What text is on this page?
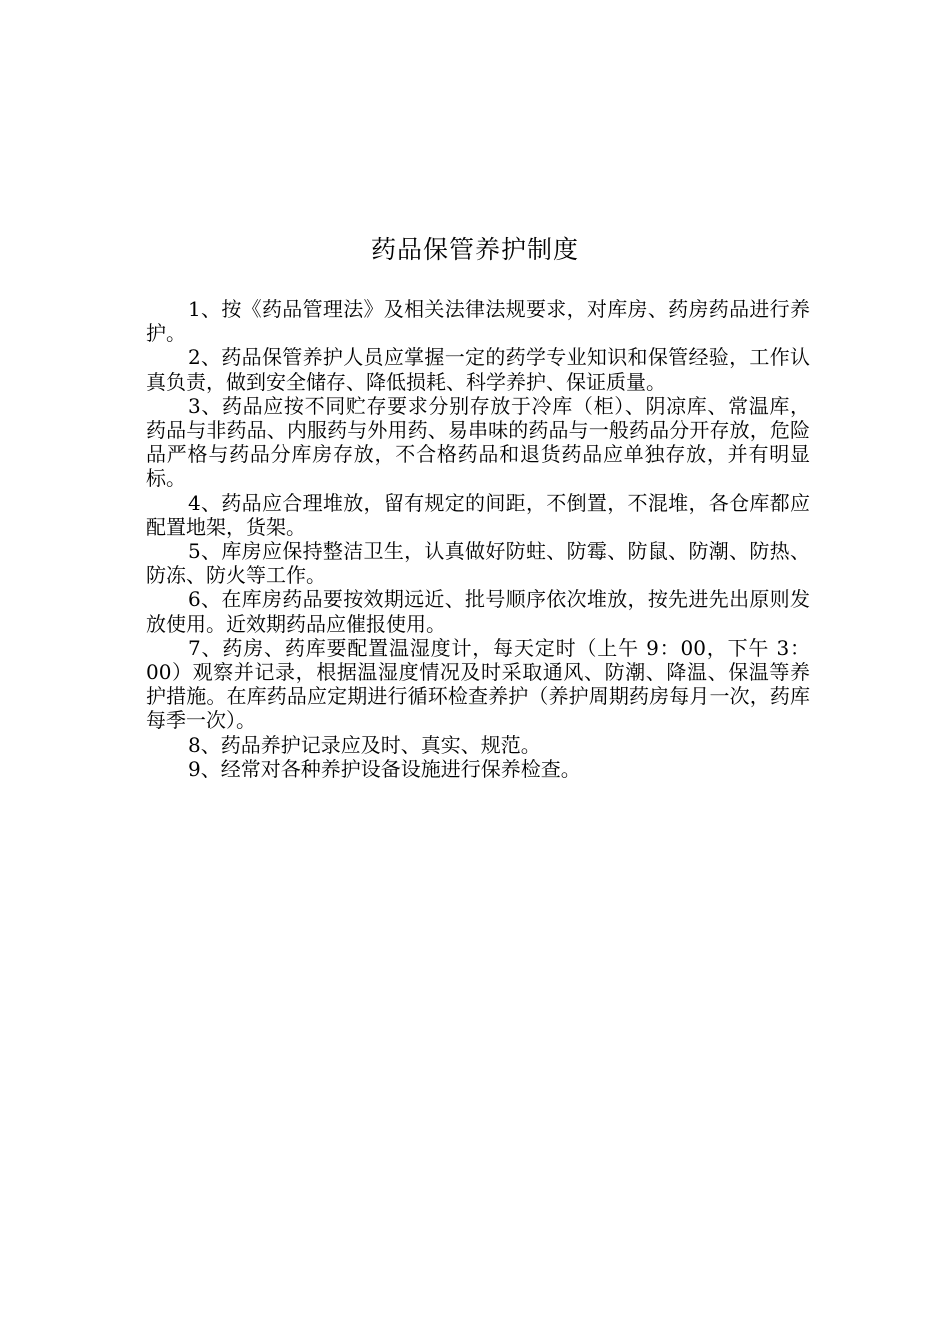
药品保管养护制度

1、按《药品管理法》及相关法律法规要求，对库房、药房药品进行养护。

2、药品保管养护人员应掌握一定的药学专业知识和保管经验，工作认真负责，做到安全储存、降低损耗、科学养护、保证质量。

3、药品应按不同贮存要求分别存放于冷库（柜）、阴凉库、常温库，药品与非药品、内服药与外用药、易串味的药品与一般药品分开存放，危险品严格与药品分库房存放，不合格药品和退货药品应单独存放，并有明显标。

4、药品应合理堆放，留有规定的间距，不倒置，不混堆，各仓库都应配置地架，货架。

5、库房应保持整洁卫生，认真做好防蛀、防霉、防鼠、防潮、防热、防冻、防火等工作。

6、在库房药品要按效期远近、批号顺序依次堆放，按先进先出原则发放使用。近效期药品应催报使用。

7、药房、药库要配置温湿度计，每天定时（上午 9：00，下午 3：00）观察并记录，根据温湿度情况及时采取通风、防潮、降温、保温等养护措施。在库药品应定期进行循环检查养护（养护周期药房每月一次，药库每季一次）。

8、药品养护记录应及时、真实、规范。

9、经常对各种养护设备设施进行保养检查。
